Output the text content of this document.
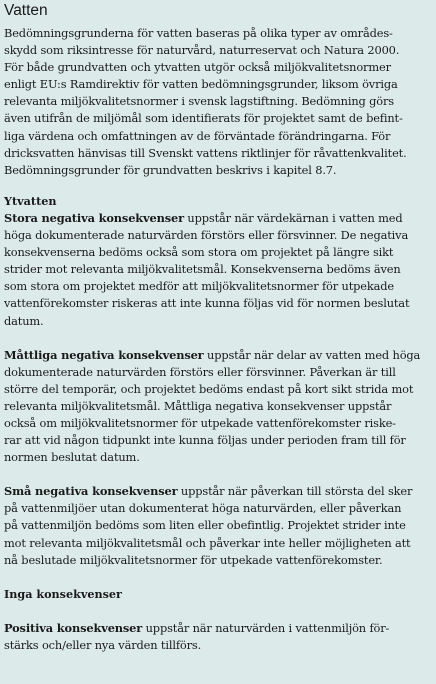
Vatten

Bedömningsgrunderna för vatten baseras på olika typer av områdes-
skydd som riksintresse för naturvård, naturreservat och Natura 2000.
För både grundvatten och ytvatten utgör också miljökvalitetsnormer
enligt EU:s Ramdirektiv för vatten bedömningsgrunder, liksom övriga
relevanta miljökvalitetsnormer i svensk lagstiftning. Bedömning görs
även utifrån de miljömål som identifierats för projektet samt de befint-
liga värdena och omfattningen av de förväntade förändringarna. För
dricksvatten hänvisas till Svenskt vattens riktlinjer för råvattenkvalitet.
Bedömningsgrunder för grundvatten beskrivs i kapitel 8.7.

Ytvatten

Stora negativa konsekvenser uppstår när värdekärnan i vatten med
höga dokumenterade naturvärden förstörs eller försvinner. De negativa
konsekvenserna bedöms också som stora om projektet på längre sikt
strider mot relevanta miljökvalitetsmål. Konsekvenserna bedöms även
som stora om projektet medför att miljökvalitetsnormer för utpekade
vattenförekomster riskeras att inte kunna följas vid för normen beslutat
datum.

Måttliga negativa konsekvenser uppstår när delar av vatten med höga
dokumenterade naturvärden förstörs eller försvinner. Påverkan är till
större del temporär, och projektet bedöms endast på kort sikt strida mot
relevanta miljökvalitetsmål. Måttliga negativa konsekvenser uppstår
också om miljökvalitetsnormer för utpekade vattenförekomster riske-
rar att vid någon tidpunkt inte kunna följas under perioden fram till för
normen beslutat datum.

Små negativa konsekvenser uppstår när påverkan till största del sker
på vattenmiljöer utan dokumenterat höga naturvärden, eller påverkan
på vattenmiljön bedöms som liten eller obefintlig. Projektet strider inte
mot relevanta miljökvalitetsmål och påverkar inte heller möjligheten att
nå beslutade miljökvalitetsnormer för utpekade vattenförekomster.

Inga konsekvenser

Positiva konsekvenser uppstår när naturvärden i vattenmiljön för-
stärks och/eller nya värden tillförs.
